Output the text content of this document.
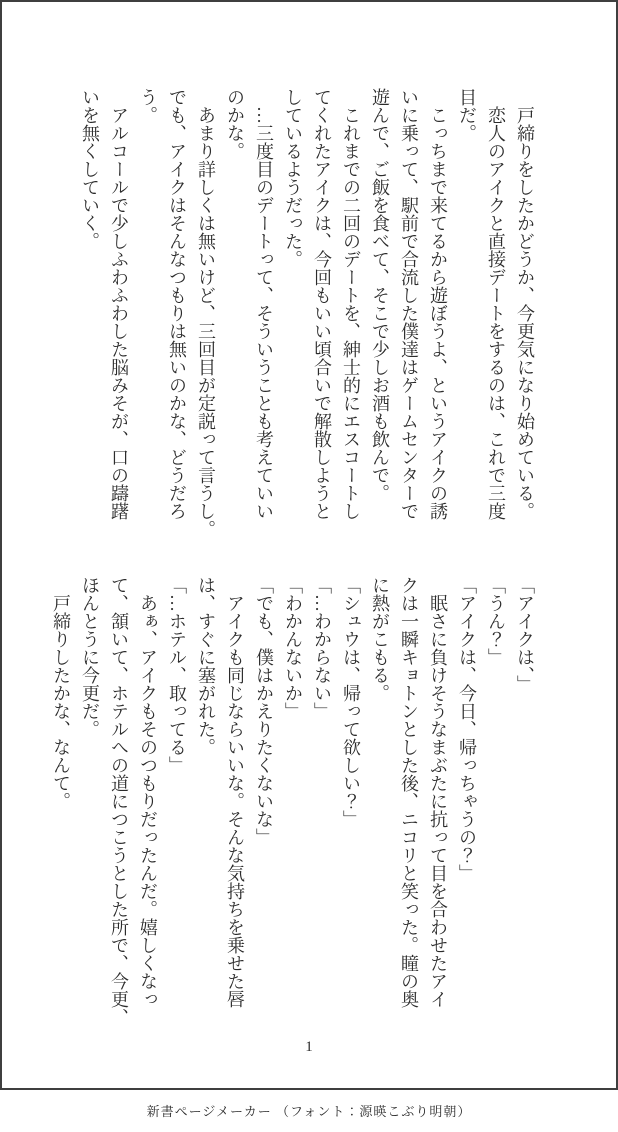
　戸締りをしたかどうか、今更気になり始めている。

　恋人のアイクと直接デートをするのは、これで三度

目だ。

　こっちまで来てるから遊ぼうよ、というアイクの誘

いに乗って、駅前で合流した僕達はゲームセンターで

遊んで、ご飯を食べて、そこで少しお酒も飲んで。

　これまでの二回のデートを、紳士的にエスコートし

てくれたアイクは、今回もいい頃合いで解散しようと

しているようだった。

　…三度目のデートって、そういうことも考えていい

のかな。

　あまり詳しくは無いけど、三回目が定説って言うし。

でも、アイクはそんなつもりは無いのかな、どうだろ

う。

　アルコールで少しふわふわした脳みそが、口の躊躇

いを無くしていく。

「アイクは、」

「うん？」

「アイクは、今日、帰っちゃうの？」

　眠さに負けそうなまぶたに抗って目を合わせたアイ

クは一瞬キョトンとした後、ニコリと笑った。瞳の奥

に熱がこもる。

「シュウは、帰って欲しい？」

「…わからない」

「わかんないか」

「でも、僕はかえりたくないな」

　アイクも同じならいいな。そんな気持ちを乗せた唇

は、すぐに塞がれた。

「…ホテル、取ってる」

　あぁ、アイクもそのつもりだったんだ。嬉しくなっ

て、頷いて、ホテルへの道につこうとした所で、今更、

ほんとうに今更だ。

　戸締りしたかな、なんて。

1
新書ページメーカー （フォント：源暎こぶり明朝）
